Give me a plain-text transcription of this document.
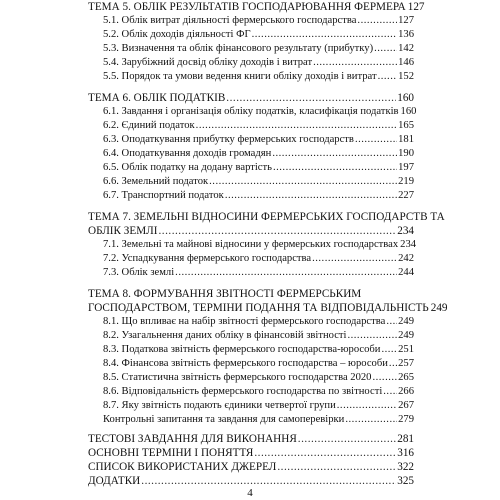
ТЕМА 5. ОБЛІК РЕЗУЛЬТАТІВ ГОСПОДАРЮВАННЯ ФЕРМЕРА 127
5.1. Облік витрат діяльності фермерського господарства .....	127
5.2. Облік доходів діяльності ФГ .....	136
5.3. Визначення та облік фінансового результату (прибутку) ..... 142
5.4. Зарубіжний досвід обліку доходів і витрат .....	146
5.5. Порядок та умови ведення книги обліку доходів і витрат ..... 152
ТЕМА 6. ОБЛІК ПОДАТКІВ .....	160
6.1. Завдання і організація обліку податків, класифікація податків 160
6.2. Єдиний податок .....	165
6.3. Оподаткування прибутку фермерських господарств .....	181
6.4. Оподаткування доходів громадян .....	190
6.5. Облік податку на додану вартість .....	197
6.6. Земельний податок .....	219
6.7. Транспортний податок .....	227
ТЕМА 7. ЗЕМЕЛЬНІ ВІДНОСИНИ ФЕРМЕРСЬКИХ ГОСПОДАРСТВ ТА
ОБЛІК ЗЕМЛІ .....	234
7.1. Земельні та майнові відносини у фермерських господарствах 234
7.2. Успадкування фермерського господарства .....	242
7.3. Облік землі .....	244
ТЕМА 8. ФОРМУВАННЯ ЗВІТНОСТІ ФЕРМЕРСЬКИМ
ГОСПОДАРСТВОМ, ТЕРМІНИ ПОДАННЯ ТА ВІДПОВІДАЛЬНІСТЬ 249
8.1. Що впливає на набір звітності фермерського господарства ..... 249
8.2. Узагальнення даних обліку в фінансовій звітності .....	249
8.3. Податкова звітність фермерського господарства-юрособи ..... 251
8.4. Фінансова звітність фермерського господарства – юрособи ..... 257
8.5. Статистична звітність фермерського господарства 2020 .....	265
8.6. Відповідальність фермерського господарства по звітності ..... 266
8.7. Яку звітність подають єдиники четвертої групи .....	267
Контрольні запитання та завдання для самоперевірки .....	279
ТЕСТОВІ ЗАВДАННЯ ДЛЯ ВИКОНАННЯ .....	281
ОСНОВНІ ТЕРМІНИ І ПОНЯТТЯ .....	316
СПИСОК ВИКОРИСТАНИХ ДЖЕРЕЛ .....	322
ДОДАТКИ .....	325
4
